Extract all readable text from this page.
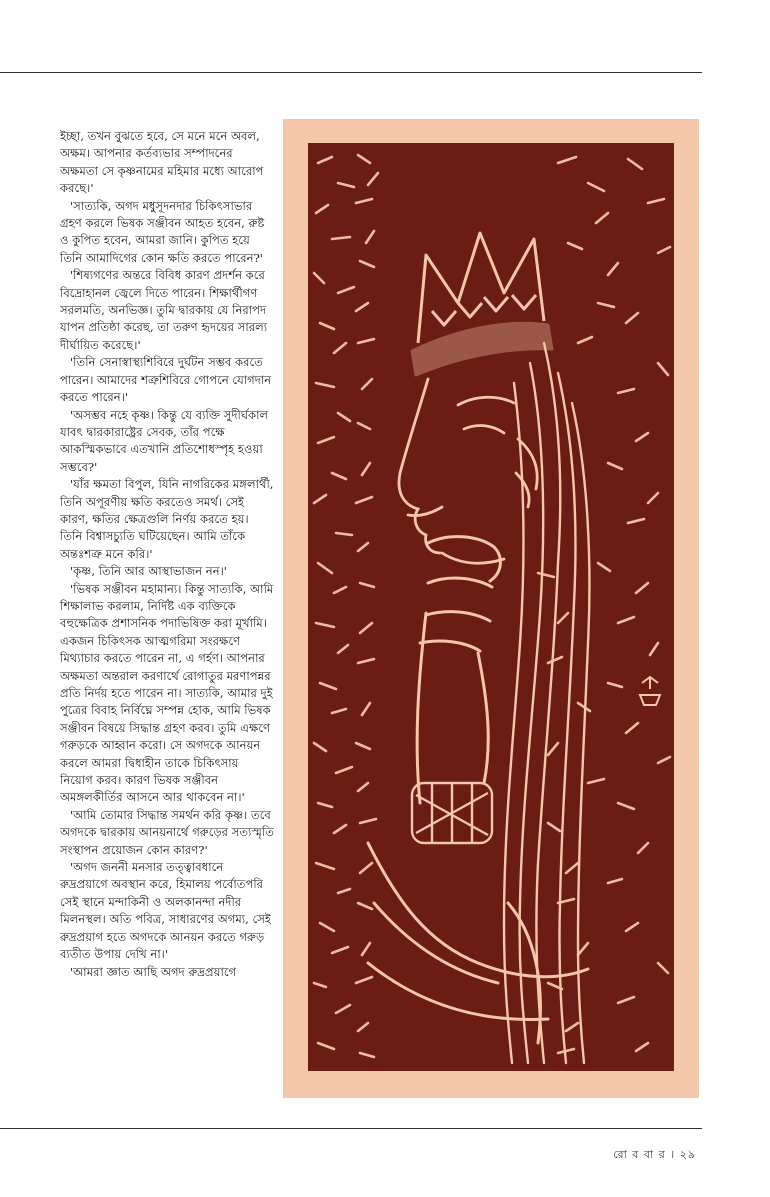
ইচ্ছা, তখন বুঝতে হবে, সে মনে মনে অবল, অক্ষম। আপনার কর্তব্যভার সম্পাদনের অক্ষমতা সে কৃষ্ণনামের মহিমার মধ্যে আরোপ করছে।'

'সাত্যকি, অগদ মধুসূদনদার চিকিৎসাভার গ্রহণ করলে ভিষক সঞ্জীবন আহত হবেন, রুষ্ট ও কুপিত হবেন, আমরা জানি। কুপিত হয়ে তিনি আমাদিগের কোন ক্ষতি করতে পারেন?'

'শিষ্যগণের অন্তরে বিবিধ কারণ প্রদর্শন করে বিদ্রোহানল জ্বেলে দিতে পারেন। শিক্ষার্থীগণ সরলমতি, অনভিজ্ঞ। তুমি দ্বারকায় যে নিরাপদ যাপন প্রতিষ্ঠা করেছ, তা তরুণ হৃদয়ের সারল্য দীর্ঘায়িত করেছে।'

'তিনি সেনাস্বাস্থ্যশিবিরে দুর্ঘটন সম্ভব করতে পারেন। আমাদের শত্রুশিবিরে গোপনে যোগদান করতে পারেন।'

'অসম্ভব নহে কৃষ্ণ। কিন্তু যে ব্যক্তি সুদীর্ঘকাল যাবৎ দ্বারকারাষ্ট্রের সেবক, তাঁর পক্ষে আকস্মিকভাবে এতখানি প্রতিশোধস্পৃহ হওয়া সম্ভবে?'

'যাঁর ক্ষমতা বিপুল, যিনি নাগরিকের মঙ্গলার্থী, তিনি অপূরণীয় ক্ষতি করতেও সমর্থ। সেই কারণ, ক্ষতির ক্ষেত্রগুলি নির্ণয় করতে হয়। তিনি বিশ্বাসচ্যুতি ঘটিয়েছেন। আমি তাঁকে অন্তঃশত্রু মনে করি।'

'কৃষ্ণ, তিনি আর আস্থাভাজন নন।'

'ভিষক সঞ্জীবন মহামান্য। কিন্তু সাত্যকি, আমি শিক্ষালাভ করলাম, নির্দিষ্ট এক ব্যক্তিকে বহুক্ষেত্রিক প্রশাসনিক পদাভিষিক্ত করা মূর্খামি। একজন চিকিৎসক আত্মগরিমা সংরক্ষণে মিথ্যাচার করতে পারেন না, এ গর্হণ। আপনার অক্ষমতা অন্তরাল করণার্থে রোগাতুর মরণাপন্নর প্রতি নির্দয় হতে পারেন না। সাত্যকি, আমার দুই পুত্রের বিবাহ নির্বিঘ্নে সম্পন্ন হোক, আমি ভিষক সঞ্জীবন বিষয়ে সিদ্ধান্ত গ্রহণ করব। তুমি এক্ষণে গরুড়কে আহ্বান করো। সে অগদকে আনয়ন করলে আমরা দ্বিধাহীন তাকে চিকিৎসায় নিয়োগ করব। কারণ ভিষক সঞ্জীবন অমঙ্গলকীর্তির আসনে আর থাকবেন না।'

'আমি তোমার সিদ্ধান্ত সমর্থন করি কৃষ্ণ। তবে অগদকে দ্বারকায় আনয়নার্থে গরুড়ের সত্যস্মৃতি সংস্থাপন প্রয়োজন কোন কারণ?'

'অগদ জননী মনসার তত্ত্বাবধানে রুদ্রপ্রয়াগে অবস্থান করে, হিমালয় পর্বোতপরি সেই স্থানে মন্দাকিনী ও অলকানন্দা নদীর মিলনস্থল। অতি পবিত্র, সাধারণের অগম্য, সেই রুদ্রপ্রয়াগ হতে অগদকে আনয়ন করতে গরুড় ব্যতীত উপায় দেখি না।'

'আমরা জ্ঞাত আছি অগদ রুদ্রপ্রয়াগে

রো ব বা র । ২৯
